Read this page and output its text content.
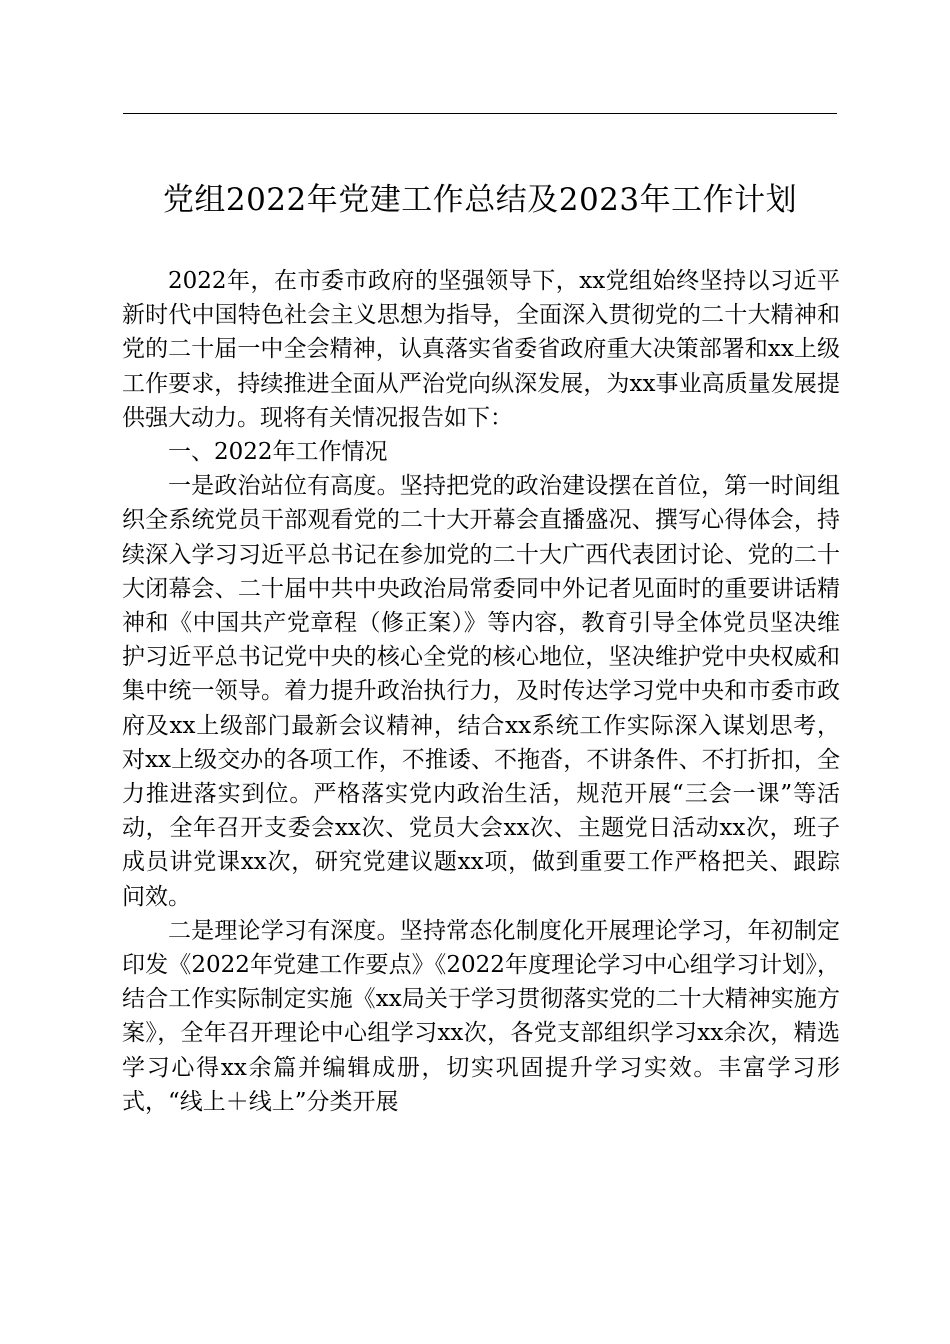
党组2022年党建工作总结及2023年工作计划

2022年，在市委市政府的坚强领导下，xx党组始终坚持以习近平新时代中国特色社会主义思想为指导，全面深入贯彻党的二十大精神和党的二十届一中全会精神，认真落实省委省政府重大决策部署和xx上级工作要求，持续推进全面从严治党向纵深发展，为xx事业高质量发展提供强大动力。现将有关情况报告如下：

一、2022年工作情况

一是政治站位有高度。坚持把党的政治建设摆在首位，第一时间组织全系统党员干部观看党的二十大开幕会直播盛况、撰写心得体会，持续深入学习习近平总书记在参加党的二十大广西代表团讨论、党的二十大闭幕会、二十届中共中央政治局常委同中外记者见面时的重要讲话精神和《中国共产党章程（修正案）》等内容，教育引导全体党员坚决维护习近平总书记党中央的核心全党的核心地位，坚决维护党中央权威和集中统一领导。着力提升政治执行力，及时传达学习党中央和市委市政府及xx上级部门最新会议精神，结合xx系统工作实际深入谋划思考，对xx上级交办的各项工作，不推诿、不拖沓，不讲条件、不打折扣，全力推进落实到位。严格落实党内政治生活，规范开展“三会一课”等活动，全年召开支委会xx次、党员大会xx次、主题党日活动xx次，班子成员讲党课xx次，研究党建议题xx项，做到重要工作严格把关、跟踪问效。

二是理论学习有深度。坚持常态化制度化开展理论学习，年初制定印发《2022年党建工作要点》《2022年度理论学习中心组学习计划》，结合工作实际制定实施《xx局关于学习贯彻落实党的二十大精神实施方案》，全年召开理论中心组学习xx次，各党支部组织学习xx余次，精选学习心得xx余篇并编辑成册，切实巩固提升学习实效。丰富学习形式，“线上＋线上”分类开展
